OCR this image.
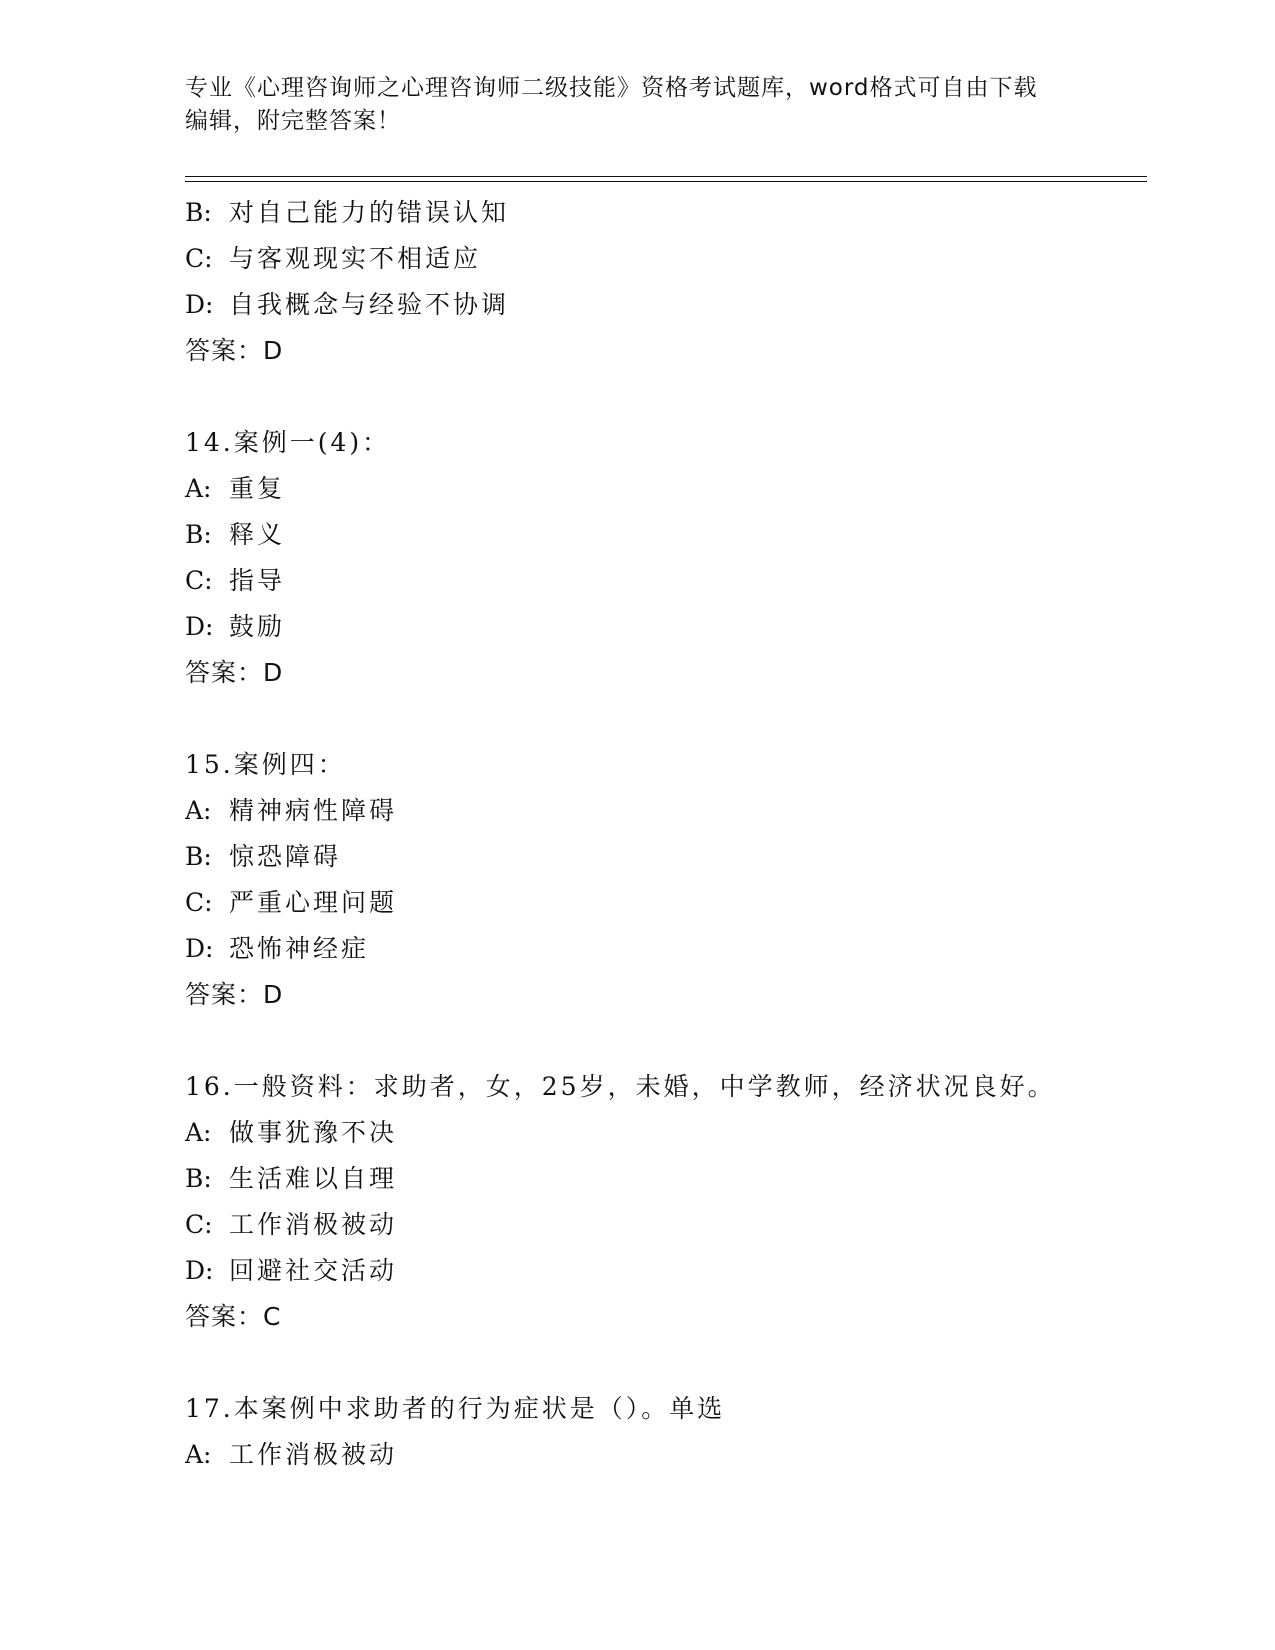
专业《心理咨询师之心理咨询师二级技能》资格考试题库，word格式可自由下载
编辑，附完整答案！
B: 对自己能力的错误认知
C: 与客观现实不相适应
D: 自我概念与经验不协调
答案：D
14.案例一(4)：
A: 重复
B: 释义
C: 指导
D: 鼓励
答案：D
15.案例四：
A: 精神病性障碍
B: 惊恐障碍
C: 严重心理问题
D: 恐怖神经症
答案：D
16.一般资料：求助者，女，25岁，未婚，中学教师，经济状况良好。
A: 做事犹豫不决
B: 生活难以自理
C: 工作消极被动
D: 回避社交活动
答案：C
17.本案例中求助者的行为症状是（）。单选
A: 工作消极被动
